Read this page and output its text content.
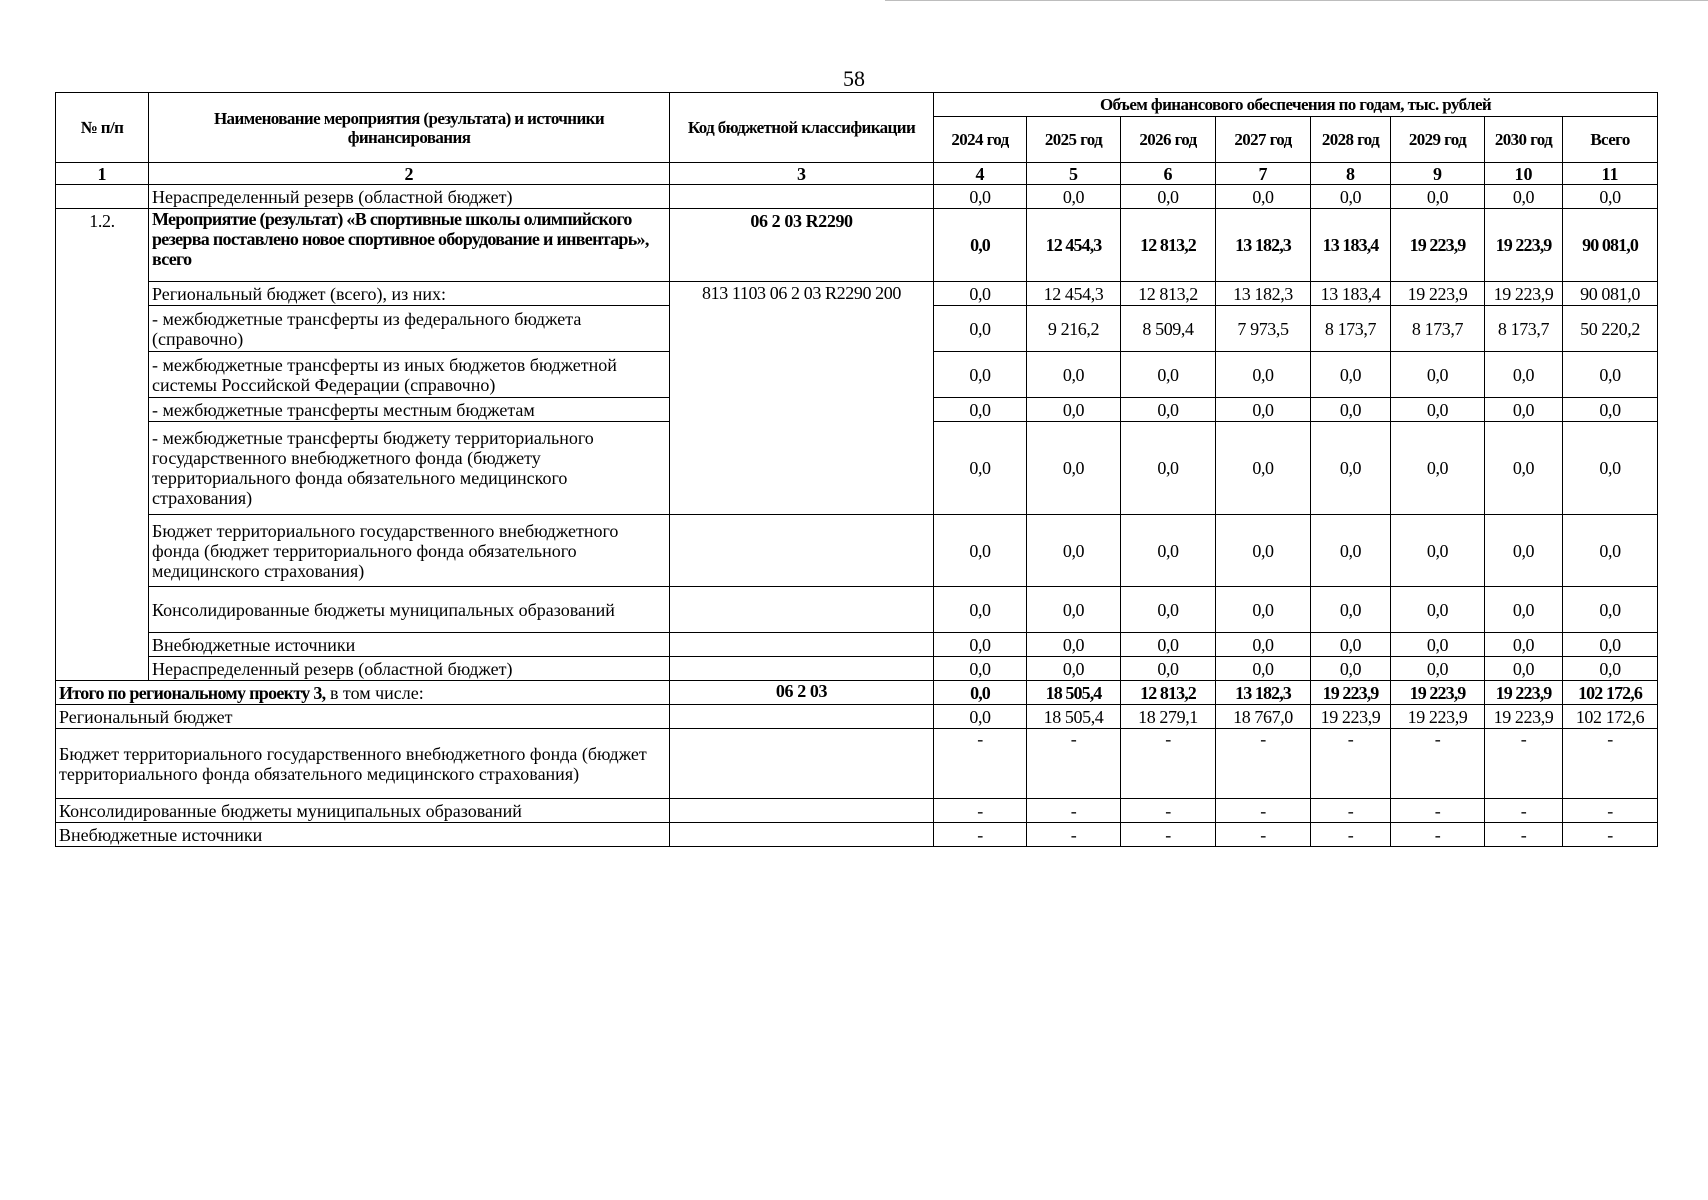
58
№ п/п	Наименование мероприятия (результата) и источники финансирования	Код бюджетной классификации	Объем финансового обеспечения по годам, тыс. рублей							
			2024 год	2025 год	2026 год	2027 год	2028 год	2029 год	2030 год	Всего
1	2	3	4	5	6	7	8	9	10	11
	Нераспределенный резерв (областной бюджет)		0,0	0,0	0,0	0,0	0,0	0,0	0,0	0,0
1.2.	Мероприятие (результат) «В спортивные школы олимпийского резерва поставлено новое спортивное оборудование и инвентарь», всего	06 2 03 R2290	0,0	12 454,3	12 813,2	13 182,3	13 183,4	19 223,9	19 223,9	90 081,0
	Региональный бюджет (всего), из них:	813 1103 06 2 03 R2290 200	0,0	12 454,3	12 813,2	13 182,3	13 183,4	19 223,9	19 223,9	90 081,0
	- межбюджетные трансферты из федерального бюджета (справочно)		0,0	9 216,2	8 509,4	7 973,5	8 173,7	8 173,7	8 173,7	50 220,2
	- межбюджетные трансферты из иных бюджетов бюджетной системы Российской Федерации (справочно)		0,0	0,0	0,0	0,0	0,0	0,0	0,0	0,0
	- межбюджетные трансферты местным бюджетам		0,0	0,0	0,0	0,0	0,0	0,0	0,0	0,0
	- межбюджетные трансферты бюджету территориального государственного внебюджетного фонда (бюджету территориального фонда обязательного медицинского страхования)		0,0	0,0	0,0	0,0	0,0	0,0	0,0	0,0
	Бюджет территориального государственного внебюджетного фонда (бюджет территориального фонда обязательного медицинского страхования)		0,0	0,0	0,0	0,0	0,0	0,0	0,0	0,0
	Консолидированные бюджеты муниципальных образований		0,0	0,0	0,0	0,0	0,0	0,0	0,0	0,0
	Внебюджетные источники		0,0	0,0	0,0	0,0	0,0	0,0	0,0	0,0
	Нераспределенный резерв (областной бюджет)		0,0	0,0	0,0	0,0	0,0	0,0	0,0	0,0
Итого по региональному проекту 3, в том числе:		06 2 03	0,0	18 505,4	12 813,2	13 182,3	19 223,9	19 223,9	19 223,9	102 172,6
Региональный бюджет			0,0	18 505,4	18 279,1	18 767,0	19 223,9	19 223,9	19 223,9	102 172,6
Бюджет территориального государственного внебюджетного фонда (бюджет территориального фонда обязательного медицинского страхования)			-	-	-	-	-	-	-	-
Консолидированные бюджеты муниципальных образований			-	-	-	-	-	-	-	-
Внебюджетные источники			-	-	-	-	-	-	-	-
